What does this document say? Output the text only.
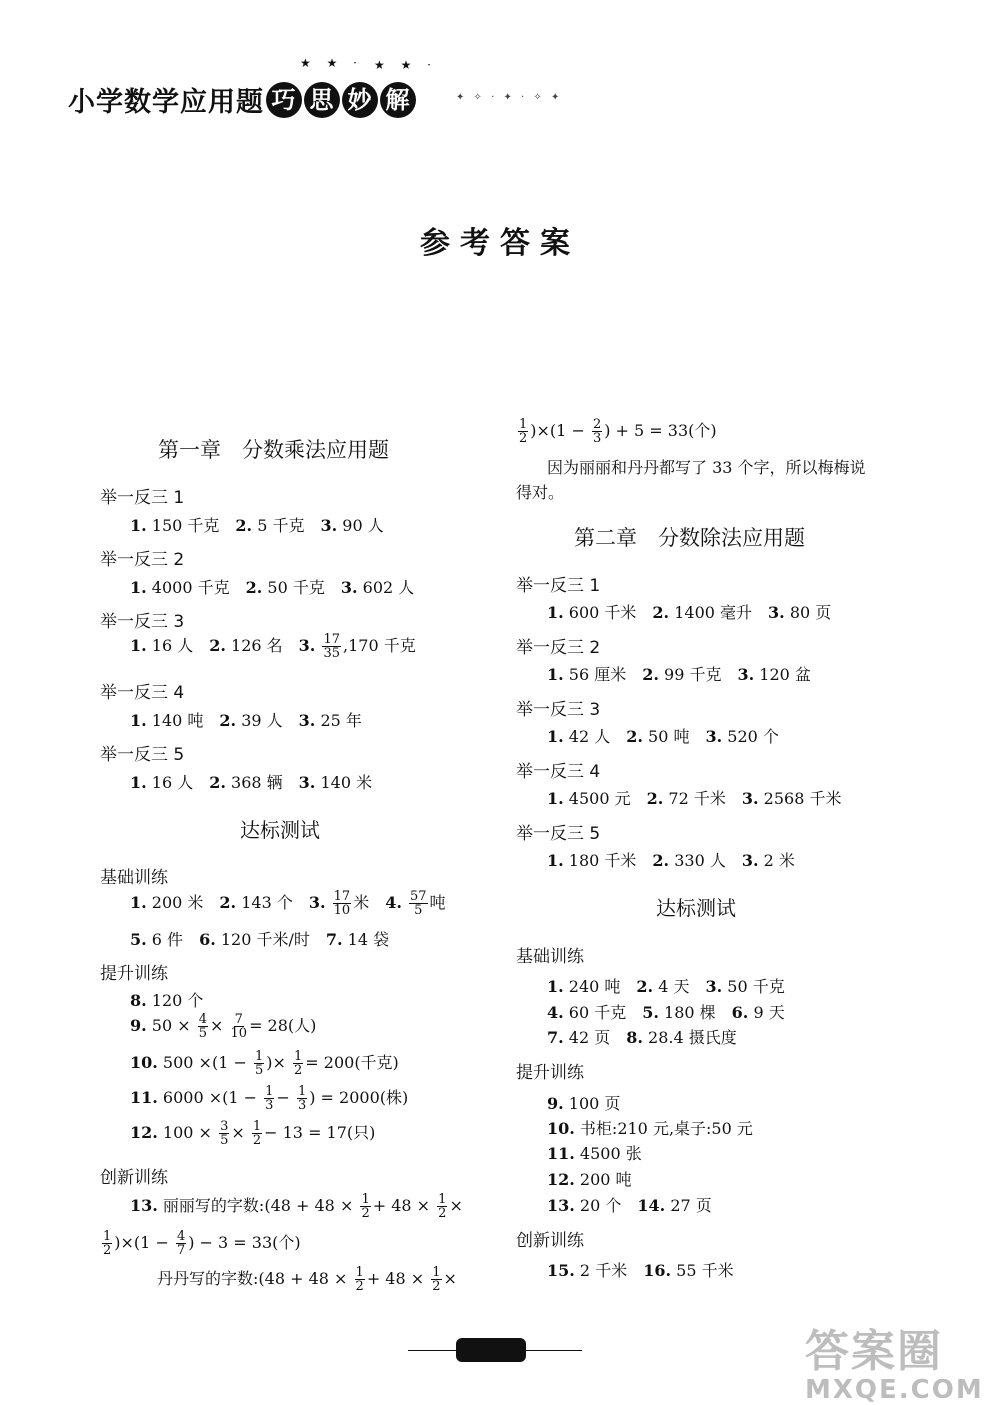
小学数学应用题 巧 思 妙 解
★ ★ · ★ ★ ·
✦ ✧ · ✦ · ✧ ✦
参考答案
第一章　分数乘法应用题
举一反三 1
1. 150 千克　2. 5 千克　3. 90 人
举一反三 2
1. 4000 千克　2. 50 千克　3. 602 人
举一反三 3
1. 16 人　2. 126 名　3. $\frac{17}{35} ,170$ 千克
举一反三 4
1. 140 吨　2. 39 人　3. 25 年
举一反三 5
1. 16 人　2. 368 辆　3. 140 米
达标测试
基础训练
1. 200 米　2. 143 个　3. $\frac{17}{10}$ 米　4. $\frac{57}{5}$ 吨
5. 6 件　6. 120 千米/时　7. 14 袋
提升训练
8. 120 个
9. $50 \times \frac{4}{5} \times \frac{7}{10} = 28$(人)
10. $500 \times(1 - \frac{1}{5}$ )× $\frac{1}{2} = 200$(千克)
11. $6000 \times(1 - \frac{1}{3} - \frac{1}{3}$ ) = 2000(株)
12. $100 \times \frac{3}{5} \times \frac{1}{2} - 13 = 17$(只)
创新训练
13. 丽丽写的字数:(48 + $48 \times \frac{1}{2} + 48 \times \frac{1}{2}$ ×
$\frac{1}{2} )\times(1 - \frac{4}{7}$ ) − 3 = 33(个)
丹丹写的字数:(48 + $48 \times \frac{1}{2} + 48 \times \frac{1}{2}$ ×
$\frac{1}{2} )\times(1 - \frac{2}{3}$ ) + 5 = 33(个)
因为丽丽和丹丹都写了 33 个字，所以梅梅说
得对。
第二章　分数除法应用题
举一反三 1
1. 600 千米　2. 1400 毫升　3. 80 页
举一反三 2
1. 56 厘米　2. 99 千克　3. 120 盆
举一反三 3
1. 42 人　2. 50 吨　3. 520 个
举一反三 4
1. 4500 元　2. 72 千米　3. 2568 千米
举一反三 5
1. 180 千米　2. 330 人　3. 2 米
达标测试
基础训练
1. 240 吨　2. 4 天　3. 50 千克
4. 60 千克　5. 180 棵　6. 9 天
7. 42 页　8. 28.4 摄氏度
提升训练
9. 100 页
10. 书柜:210 元,桌子:50 元
11. 4500 张
12. 200 吨
13. 20 个　14. 27 页
创新训练
15. 2 千米　16. 55 千米
答案圈
MXQE.COM
